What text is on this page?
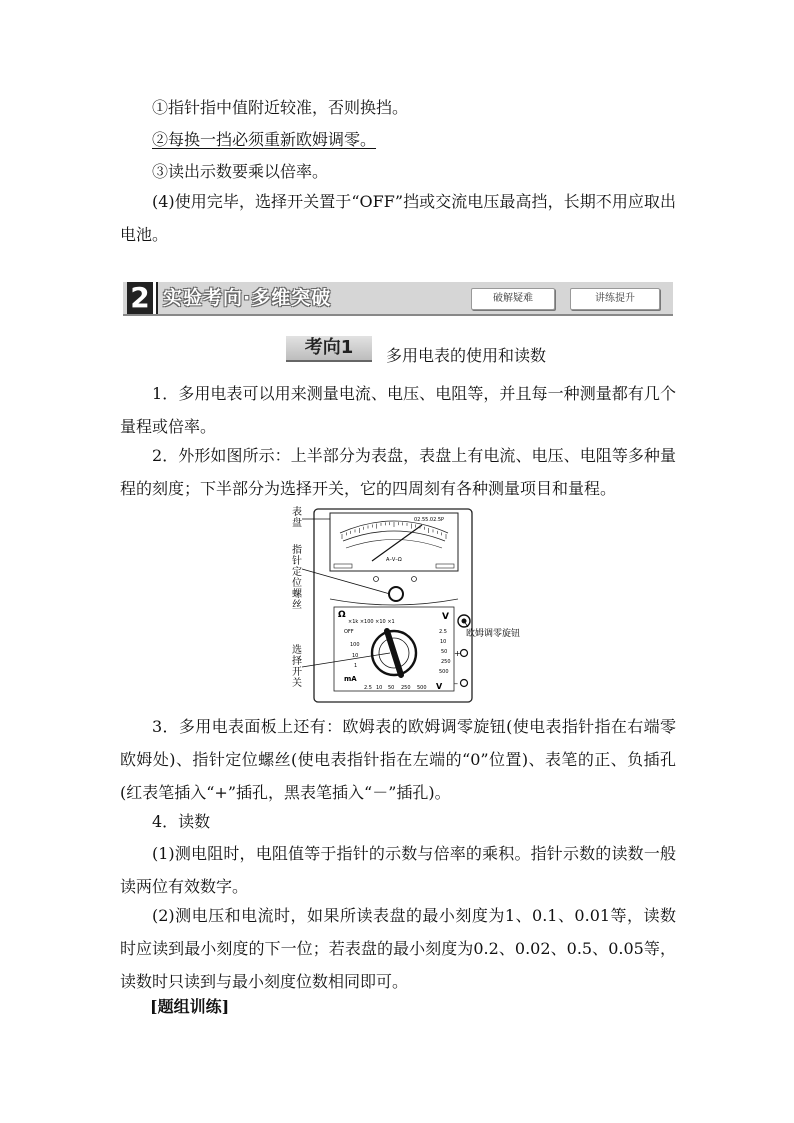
①指针指中值附近较准，否则换挡。

②每换一挡必须重新欧姆调零。

③读出示数要乘以倍率。

(4)使用完毕，选择开关置于“OFF”挡或交流电压最高挡，长期不用应取出电池。

2 实验考向·多维突破	破解疑难	讲练提升
考向1	多用电表的使用和读数

1．多用电表可以用来测量电流、电压、电阻等，并且每一种测量都有几个量程或倍率。

2．外形如图所示：上半部分为表盘，表盘上有电流、电压、电阻等多种量程的刻度；下半部分为选择开关，它的四周刻有各种测量项目和量程。

表
盘
指
针
定
位
螺
丝
选
择
开
关
02.55.02.5P
A–V–Ω
Ω
×1k ×100 ×10 ×1	V
OFF
100
10
1
2.5
10
50
250
500
mA
V
2.5 10 50 250 500
+
–
欧姆调零旋钮

3．多用电表面板上还有：欧姆表的欧姆调零旋钮(使电表指针指在右端零欧姆处)、指针定位螺丝(使电表指针指在左端的“0”位置)、表笔的正、负插孔(红表笔插入“+”插孔，黑表笔插入“－”插孔)。

4．读数

(1)测电阻时，电阻值等于指针的示数与倍率的乘积。指针示数的读数一般读两位有效数字。

(2)测电压和电流时，如果所读表盘的最小刻度为1、0.1、0.01等，读数时应读到最小刻度的下一位；若表盘的最小刻度为0.2、0.02、0.5、0.05等，读数时只读到与最小刻度位数相同即可。

[题组训练]
